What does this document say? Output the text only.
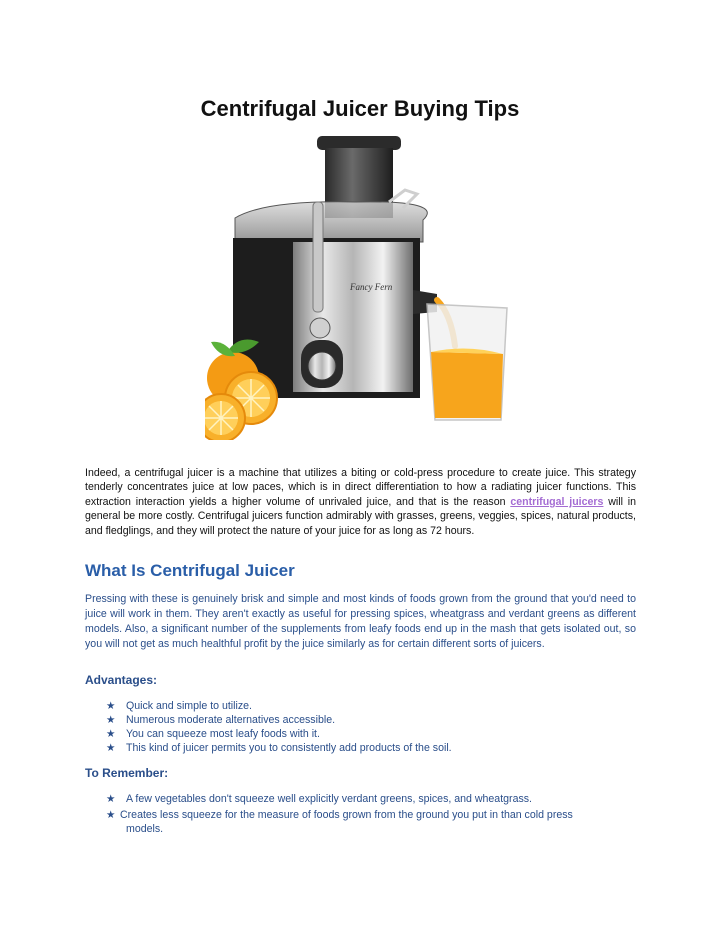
Centrifugal Juicer Buying Tips
Fancy Fern
Indeed, a centrifugal juicer is a machine that utilizes a biting or cold-press procedure to create juice. This strategy tenderly concentrates juice at low paces, which is in direct differentiation to how a radiating juicer functions. This extraction interaction yields a higher volume of unrivaled juice, and that is the reason centrifugal juicers will in general be more costly. Centrifugal juicers function admirably with grasses, greens, veggies, spices, natural products, and fledglings, and they will protect the nature of your juice for as long as 72 hours.
What Is Centrifugal Juicer
Pressing with these is genuinely brisk and simple and most kinds of foods grown from the ground that you'd need to juice will work in them. They aren't exactly as useful for pressing spices, wheatgrass and verdant greens as different models. Also, a significant number of the supplements from leafy foods end up in the mash that gets isolated out, so you will not get as much healthful profit by the juice similarly as for certain different sorts of juicers.
Advantages:
★ Quick and simple to utilize.
★ Numerous moderate alternatives accessible.
★ You can squeeze most leafy foods with it.
★ This kind of juicer permits you to consistently add products of the soil.
To Remember:
★ A few vegetables don't squeeze well explicitly verdant greens, spices, and wheatgrass.
★ Creates less squeeze for the measure of foods grown from the ground you put in than cold press
models.
